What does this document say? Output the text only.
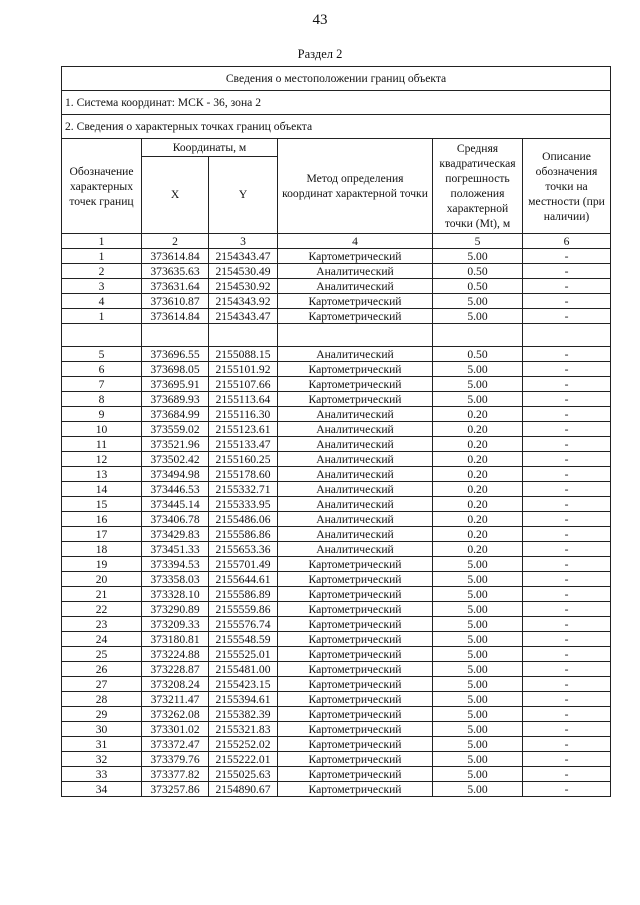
43
Раздел 2
Сведения о местоположении границ объекта					
1. Система координат: МСК - 36, зона 2					
2. Сведения о характерных точках границ объекта					
Обозначение характерных точек границ	Координаты, м		Метод определения координат характерной точки	Средняя квадратическая погрешность положения характерной точки (Mt), м	Описание обозначения точки на местности (при наличии)
	X	Y			
1	2	3	4	5	6
1	373614.84	2154343.47	Картометрический	5.00	-
2	373635.63	2154530.49	Аналитический	0.50	-
3	373631.64	2154530.92	Аналитический	0.50	-
4	373610.87	2154343.92	Картометрический	5.00	-
1	373614.84	2154343.47	Картометрический	5.00	-

5	373696.55	2155088.15	Аналитический	0.50	-
6	373698.05	2155101.92	Картометрический	5.00	-
7	373695.91	2155107.66	Картометрический	5.00	-
8	373689.93	2155113.64	Картометрический	5.00	-
9	373684.99	2155116.30	Аналитический	0.20	-
10	373559.02	2155123.61	Аналитический	0.20	-
11	373521.96	2155133.47	Аналитический	0.20	-
12	373502.42	2155160.25	Аналитический	0.20	-
13	373494.98	2155178.60	Аналитический	0.20	-
14	373446.53	2155332.71	Аналитический	0.20	-
15	373445.14	2155333.95	Аналитический	0.20	-
16	373406.78	2155486.06	Аналитический	0.20	-
17	373429.83	2155586.86	Аналитический	0.20	-
18	373451.33	2155653.36	Аналитический	0.20	-
19	373394.53	2155701.49	Картометрический	5.00	-
20	373358.03	2155644.61	Картометрический	5.00	-
21	373328.10	2155586.89	Картометрический	5.00	-
22	373290.89	2155559.86	Картометрический	5.00	-
23	373209.33	2155576.74	Картометрический	5.00	-
24	373180.81	2155548.59	Картометрический	5.00	-
25	373224.88	2155525.01	Картометрический	5.00	-
26	373228.87	2155481.00	Картометрический	5.00	-
27	373208.24	2155423.15	Картометрический	5.00	-
28	373211.47	2155394.61	Картометрический	5.00	-
29	373262.08	2155382.39	Картометрический	5.00	-
30	373301.02	2155321.83	Картометрический	5.00	-
31	373372.47	2155252.02	Картометрический	5.00	-
32	373379.76	2155222.01	Картометрический	5.00	-
33	373377.82	2155025.63	Картометрический	5.00	-
34	373257.86	2154890.67	Картометрический	5.00	-
